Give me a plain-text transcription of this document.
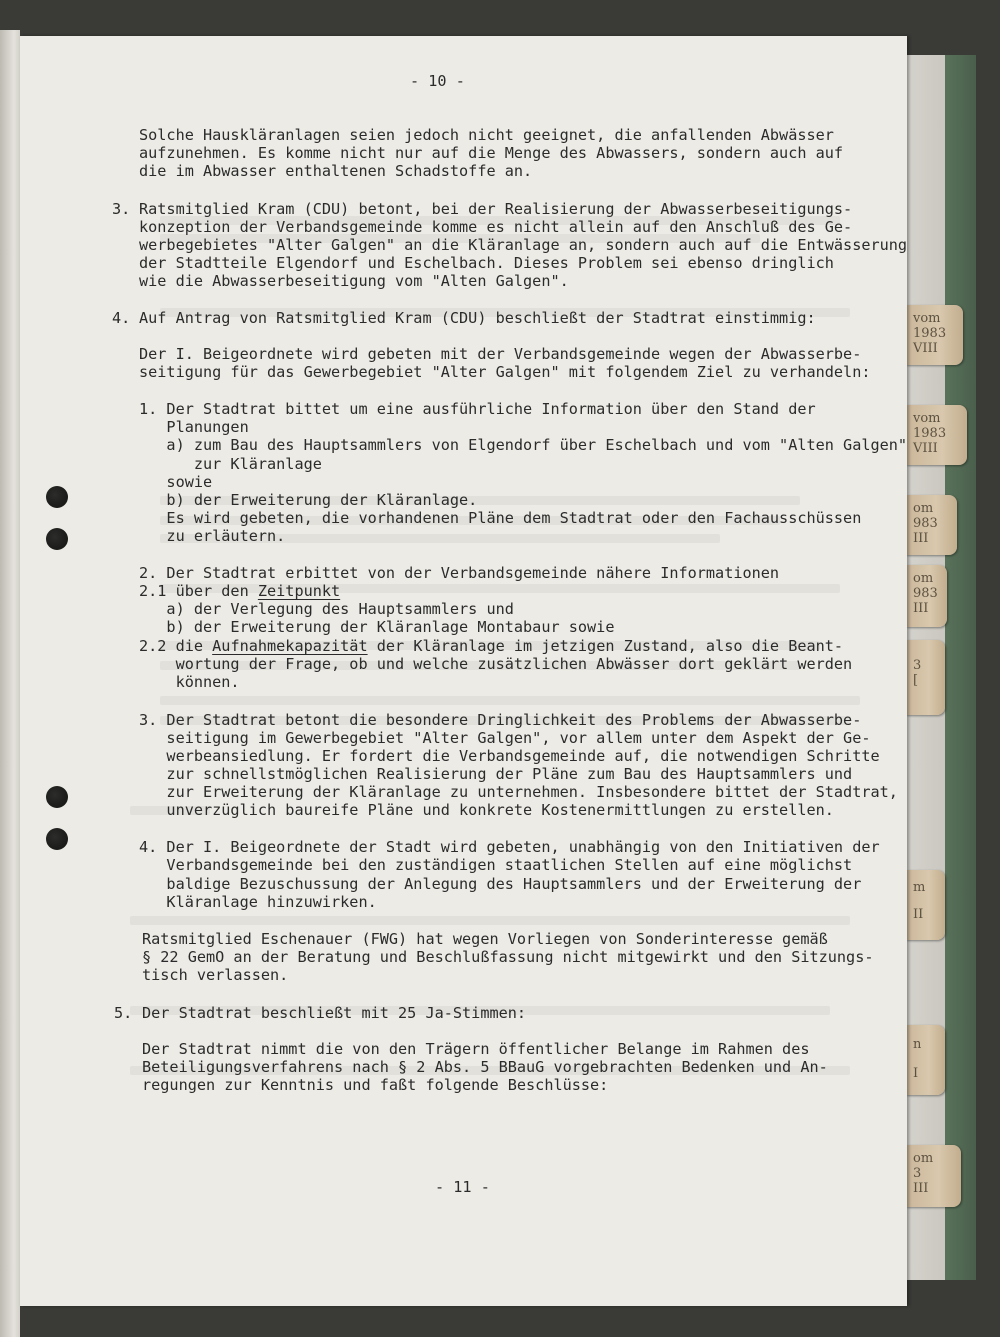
vom
1983
VIII
vom
1983
VIII
om
983
III
om
983
III
3
[
m
II
n
I
om
3
III

- 10 -

Solche Hauskläranlagen seien jedoch nicht geeignet, die anfallenden Abwässer

aufzunehmen. Es komme nicht nur auf die Menge des Abwassers, sondern auch auf

die im Abwasser enthaltenen Schadstoffe an.

3.

Ratsmitglied Kram (CDU) betont, bei der Realisierung der Abwasserbeseitigungs-

konzeption der Verbandsgemeinde komme es nicht allein auf den Anschluß des Ge-

werbegebietes "Alter Galgen" an die Kläranlage an, sondern auch auf die Entwässerung

der Stadtteile Elgendorf und Eschelbach. Dieses Problem sei ebenso dringlich

wie die Abwasserbeseitigung vom "Alten Galgen".

4.

Auf Antrag von Ratsmitglied Kram (CDU) beschließt der Stadtrat einstimmig:

Der I. Beigeordnete wird gebeten mit der Verbandsgemeinde wegen der Abwasserbe-

seitigung für das Gewerbegebiet "Alter Galgen" mit folgendem Ziel zu verhandeln:

1. Der Stadtrat bittet um eine ausführliche Information über den Stand der

Planungen

a) zum Bau des Hauptsammlers von Elgendorf über Eschelbach und vom "Alten Galgen"

zur Kläranlage

sowie

b) der Erweiterung der Kläranlage.

Es wird gebeten, die vorhandenen Pläne dem Stadtrat oder den Fachausschüssen

zu erläutern.

2. Der Stadtrat erbittet von der Verbandsgemeinde nähere Informationen

2.1 über den Zeitpunkt

a) der Verlegung des Hauptsammlers und

b) der Erweiterung der Kläranlage Montabaur sowie

2.2 die Aufnahmekapazität der Kläranlage im jetzigen Zustand, also die Beant-

wortung der Frage, ob und welche zusätzlichen Abwässer dort geklärt werden

können.

3. Der Stadtrat betont die besondere Dringlichkeit des Problems der Abwasserbe-

seitigung im Gewerbegebiet "Alter Galgen", vor allem unter dem Aspekt der Ge-

werbeansiedlung. Er fordert die Verbandsgemeinde auf, die notwendigen Schritte

zur schnellstmöglichen Realisierung der Pläne zum Bau des Hauptsammlers und

zur Erweiterung der Kläranlage zu unternehmen. Insbesondere bittet der Stadtrat,

unverzüglich baureife Pläne und konkrete Kostenermittlungen zu erstellen.

4. Der I. Beigeordnete der Stadt wird gebeten, unabhängig von den Initiativen der

Verbandsgemeinde bei den zuständigen staatlichen Stellen auf eine möglichst

baldige Bezuschussung der Anlegung des Hauptsammlers und der Erweiterung der

Kläranlage hinzuwirken.

Ratsmitglied Eschenauer (FWG) hat wegen Vorliegen von Sonderinteresse gemäß

§ 22 GemO an der Beratung und Beschlußfassung nicht mitgewirkt und den Sitzungs-

tisch verlassen.

5.

Der Stadtrat beschließt mit 25 Ja-Stimmen:

Der Stadtrat nimmt die von den Trägern öffentlicher Belange im Rahmen des

Beteiligungsverfahrens nach § 2 Abs. 5 BBauG vorgebrachten Bedenken und An-

regungen zur Kenntnis und faßt folgende Beschlüsse:

- 11 -
